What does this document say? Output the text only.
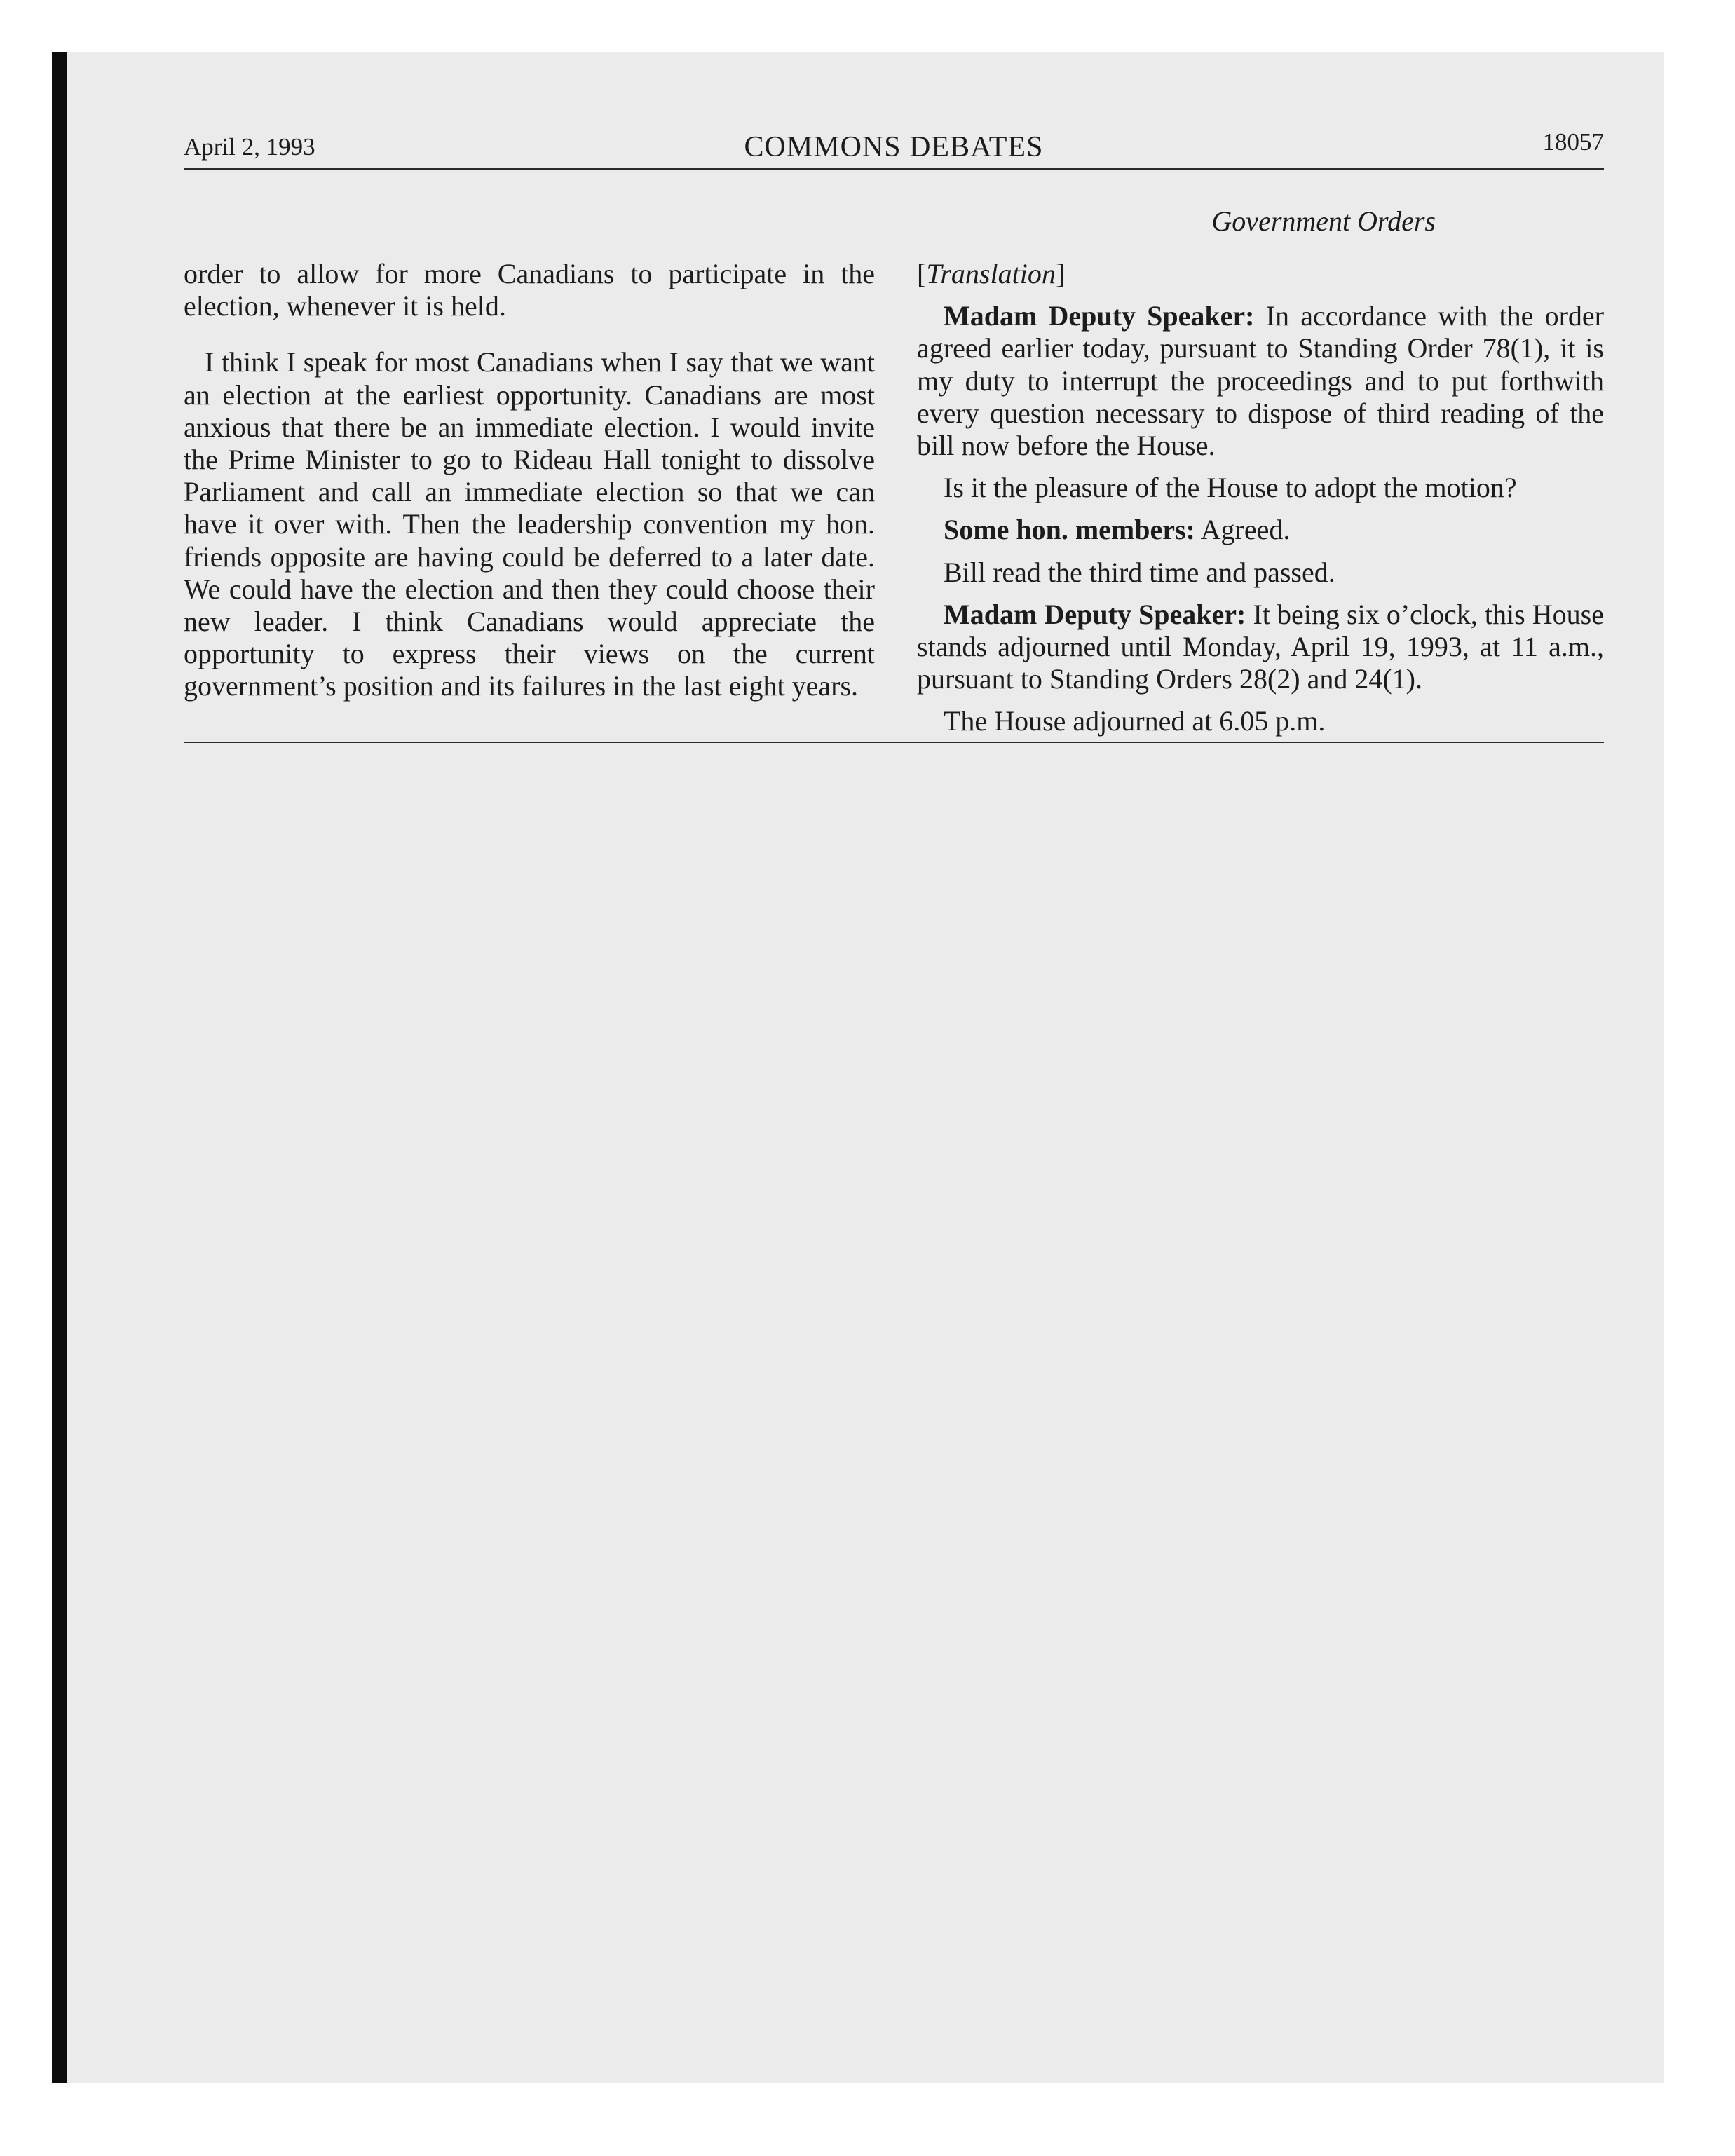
April 2, 1993	COMMONS DEBATES	18057
Government Orders

order to allow for more Canadians to participate in the election, whenever it is held.

I think I speak for most Canadians when I say that we want an election at the earliest opportunity. Canadians are most anxious that there be an immediate election. I would invite the Prime Minister to go to Rideau Hall tonight to dissolve Parliament and call an immediate election so that we can have it over with. Then the leadership convention my hon. friends opposite are having could be deferred to a later date. We could have the election and then they could choose their new leader. I think Canadians would appreciate the opportunity to express their views on the current government’s position and its failures in the last eight years.

[Translation]

Madam Deputy Speaker: In accordance with the order agreed earlier today, pursuant to Standing Order 78(1), it is my duty to interrupt the proceedings and to put forthwith every question necessary to dispose of third reading of the bill now before the House.

Is it the pleasure of the House to adopt the motion?

Some hon. members: Agreed.

Bill read the third time and passed.

Madam Deputy Speaker: It being six o’clock, this House stands adjourned until Monday, April 19, 1993, at 11 a.m., pursuant to Standing Orders 28(2) and 24(1).

The House adjourned at 6.05 p.m.
